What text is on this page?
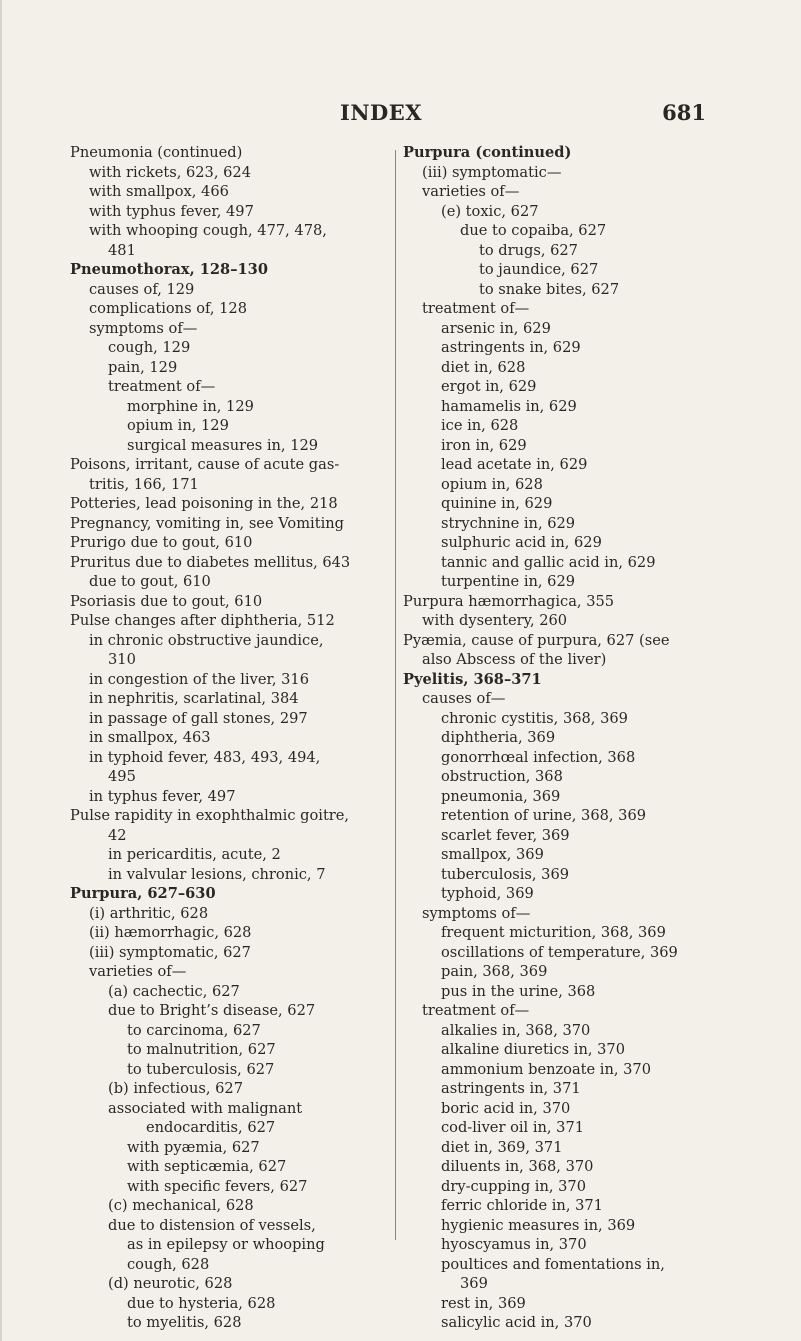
INDEX	681
Pneumonia (continued)
with rickets, 623, 624
with smallpox, 466
with typhus fever, 497
with whooping cough, 477, 478,
481
Pneumothorax, 128–130
causes of, 129
complications of, 128
symptoms of—
cough, 129
pain, 129
treatment of—
morphine in, 129
opium in, 129
surgical measures in, 129
Poisons, irritant, cause of acute gas-
tritis, 166, 171
Potteries, lead poisoning in the, 218
Pregnancy, vomiting in, see Vomiting
Prurigo due to gout, 610
Pruritus due to diabetes mellitus, 643
due to gout, 610
Psoriasis due to gout, 610
Pulse changes after diphtheria, 512
in chronic obstructive jaundice,
310
in congestion of the liver, 316
in nephritis, scarlatinal, 384
in passage of gall stones, 297
in smallpox, 463
in typhoid fever, 483, 493, 494,
495
in typhus fever, 497
Pulse rapidity in exophthalmic goitre,
42
in pericarditis, acute, 2
in valvular lesions, chronic, 7
Purpura, 627–630
(i) arthritic, 628
(ii) hæmorrhagic, 628
(iii) symptomatic, 627
varieties of—
(a) cachectic, 627
due to Bright’s disease, 627
to carcinoma, 627
to malnutrition, 627
to tuberculosis, 627
(b) infectious, 627
associated with malignant
endocarditis, 627
with pyæmia, 627
with septicæmia, 627
with specific fevers, 627
(c) mechanical, 628
due to distension of vessels,
as in epilepsy or whooping
cough, 628
(d) neurotic, 628
due to hysteria, 628
to myelitis, 628
Purpura (continued)
(iii) symptomatic—
varieties of—
(e) toxic, 627
due to copaiba, 627
to drugs, 627
to jaundice, 627
to snake bites, 627
treatment of—
arsenic in, 629
astringents in, 629
diet in, 628
ergot in, 629
hamamelis in, 629
ice in, 628
iron in, 629
lead acetate in, 629
opium in, 628
quinine in, 629
strychnine in, 629
sulphuric acid in, 629
tannic and gallic acid in, 629
turpentine in, 629
Purpura hæmorrhagica, 355
with dysentery, 260
Pyæmia, cause of purpura, 627 (see
also Abscess of the liver)
Pyelitis, 368–371
causes of—
chronic cystitis, 368, 369
diphtheria, 369
gonorrhœal infection, 368
obstruction, 368
pneumonia, 369
retention of urine, 368, 369
scarlet fever, 369
smallpox, 369
tuberculosis, 369
typhoid, 369
symptoms of—
frequent micturition, 368, 369
oscillations of temperature, 369
pain, 368, 369
pus in the urine, 368
treatment of—
alkalies in, 368, 370
alkaline diuretics in, 370
ammonium benzoate in, 370
astringents in, 371
boric acid in, 370
cod-liver oil in, 371
diet in, 369, 371
diluents in, 368, 370
dry-cupping in, 370
ferric chloride in, 371
hygienic measures in, 369
hyoscyamus in, 370
poultices and fomentations in,
369
rest in, 369
salicylic acid in, 370
